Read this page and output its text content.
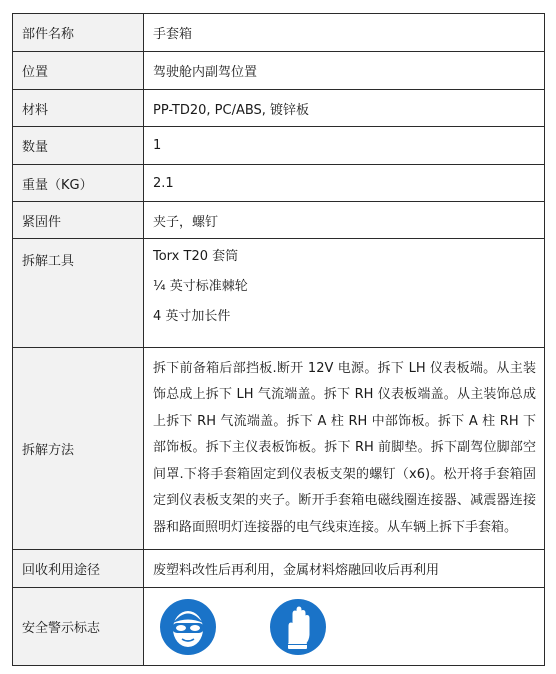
部件名称	手套箱
位置	驾驶舱内副驾位置
材料	PP-TD20, PC/ABS, 镀锌板
数量	1
重量（KG）	2.1
紧固件	夹子，螺钉
拆解工具	Torx T20 套筒
¼ 英寸标准棘轮
4 英寸加长件

拆解方法	拆下前备箱后部挡板.断开 12V 电源。拆下 LH 仪表板端。从主装饰总成上拆下 LH 气流端盖。拆下 RH 仪表板端盖。从主装饰总成上拆下 RH 气流端盖。拆下 A 柱 RH 中部饰板。拆下 A 柱 RH 下部饰板。拆下主仪表板饰板。拆下 RH 前脚垫。拆下副驾位脚部空间罩.下将手套箱固定到仪表板支架的螺钉（x6)。松开将手套箱固定到仪表板支架的夹子。断开手套箱电磁线圈连接器、减震器连接器和路面照明灯连接器的电气线束连接。从车辆上拆下手套箱。
回收利用途径	废塑料改性后再利用，金属材料熔融回收后再利用
安全警示标志	
